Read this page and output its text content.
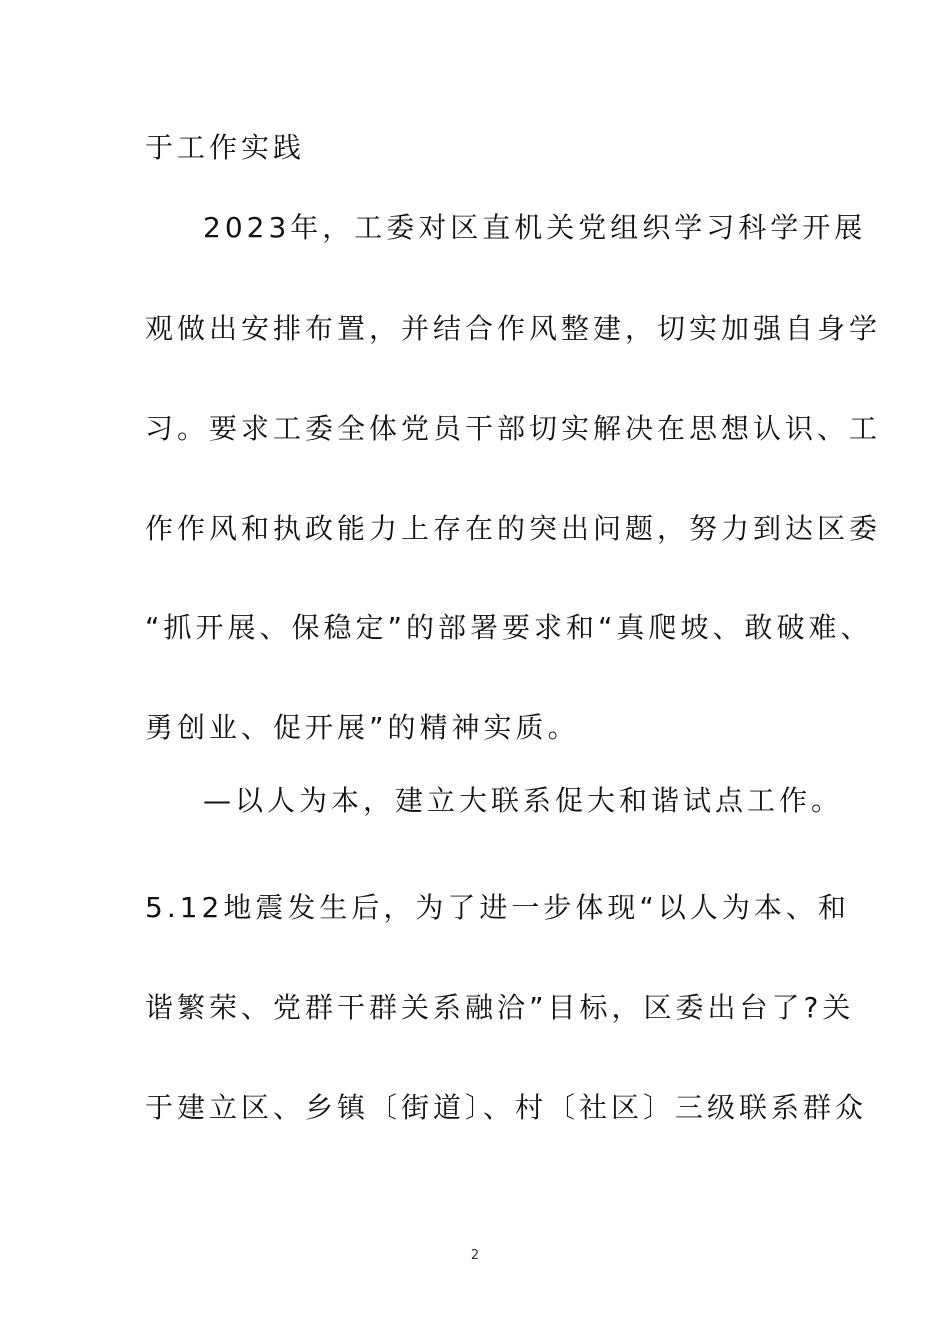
于工作实践
2023年，工委对区直机关党组织学习科学开展
观做出安排布置，并结合作风整建，切实加强自身学
习。要求工委全体党员干部切实解决在思想认识、工
作作风和执政能力上存在的突出问题，努力到达区委
“抓开展、保稳定”的部署要求和“真爬坡、敢破难、
勇创业、促开展”的精神实质。
—以人为本，建立大联系促大和谐试点工作。
5.12地震发生后，为了进一步体现“以人为本、和
谐繁荣、党群干群关系融洽”目标，区委出台了?关
于建立区、乡镇〔街道〕、村〔社区〕三级联系群众
2
